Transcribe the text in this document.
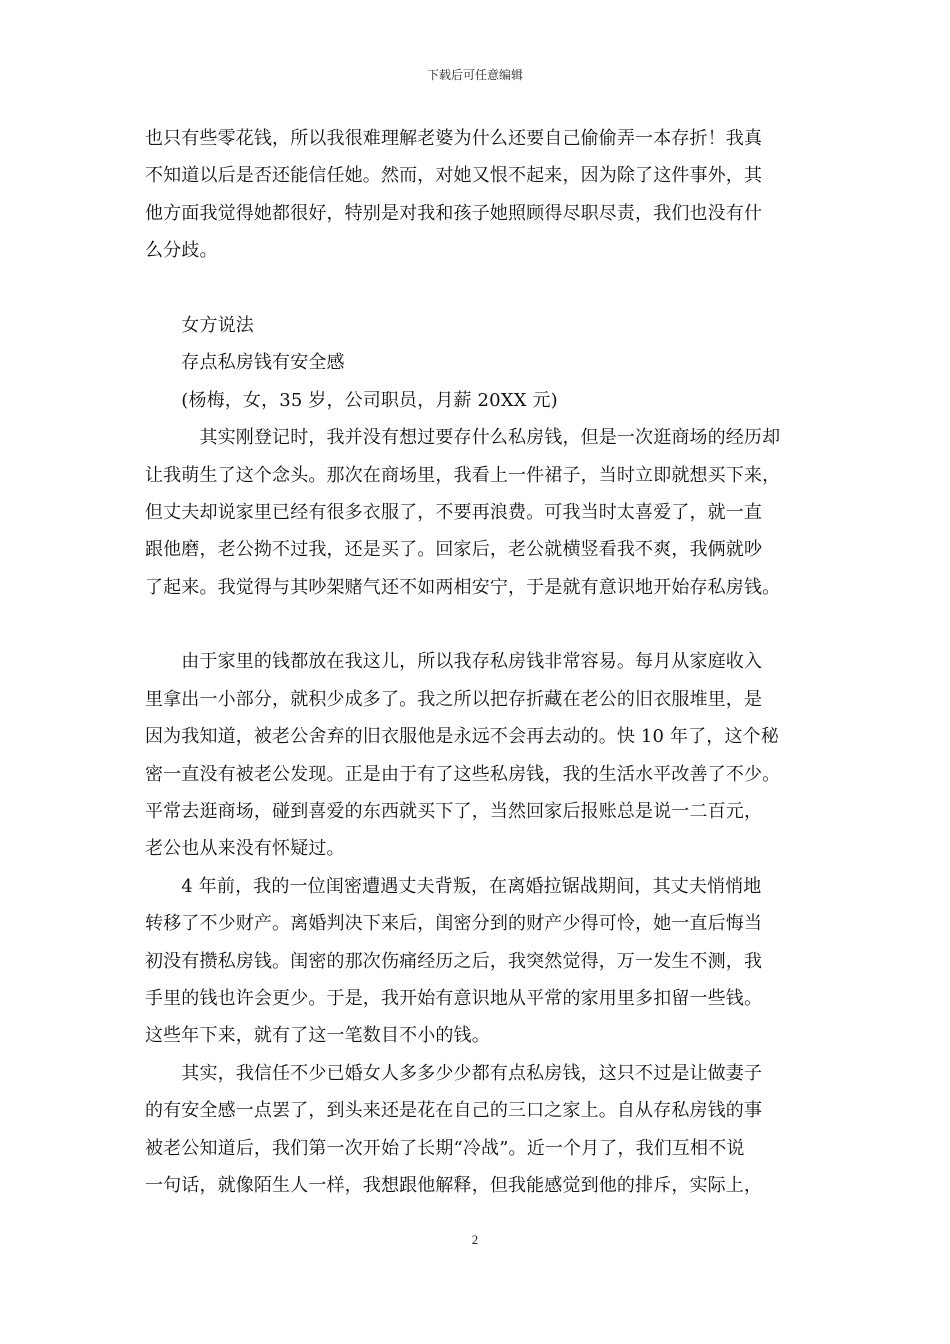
下载后可任意编辑
也只有些零花钱，所以我很难理解老婆为什么还要自己偷偷弄一本存折！我真
不知道以后是否还能信任她。然而，对她又恨不起来，因为除了这件事外，其
他方面我觉得她都很好，特别是对我和孩子她照顾得尽职尽责，我们也没有什
么分歧。
　　女方说法
　　存点私房钱有安全感
　　(杨梅，女，35 岁，公司职员，月薪 20XX 元)
　　　其实刚登记时，我并没有想过要存什么私房钱，但是一次逛商场的经历却
让我萌生了这个念头。那次在商场里，我看上一件裙子，当时立即就想买下来，
但丈夫却说家里已经有很多衣服了，不要再浪费。可我当时太喜爱了，就一直
跟他磨，老公拗不过我，还是买了。回家后，老公就横竖看我不爽，我俩就吵
了起来。我觉得与其吵架赌气还不如两相安宁，于是就有意识地开始存私房钱。
　　由于家里的钱都放在我这儿，所以我存私房钱非常容易。每月从家庭收入
里拿出一小部分，就积少成多了。我之所以把存折藏在老公的旧衣服堆里，是
因为我知道，被老公舍弃的旧衣服他是永远不会再去动的。快 10 年了，这个秘
密一直没有被老公发现。正是由于有了这些私房钱，我的生活水平改善了不少。
平常去逛商场，碰到喜爱的东西就买下了，当然回家后报账总是说一二百元，
老公也从来没有怀疑过。
　　4 年前，我的一位闺密遭遇丈夫背叛，在离婚拉锯战期间，其丈夫悄悄地
转移了不少财产。离婚判决下来后，闺密分到的财产少得可怜，她一直后悔当
初没有攒私房钱。闺密的那次伤痛经历之后，我突然觉得，万一发生不测，我
手里的钱也许会更少。于是，我开始有意识地从平常的家用里多扣留一些钱。
这些年下来，就有了这一笔数目不小的钱。
　　其实，我信任不少已婚女人多多少少都有点私房钱，这只不过是让做妻子
的有安全感一点罢了，到头来还是花在自己的三口之家上。自从存私房钱的事
被老公知道后，我们第一次开始了长期“冷战”。近一个月了，我们互相不说
一句话，就像陌生人一样，我想跟他解释，但我能感觉到他的排斥，实际上，
2
